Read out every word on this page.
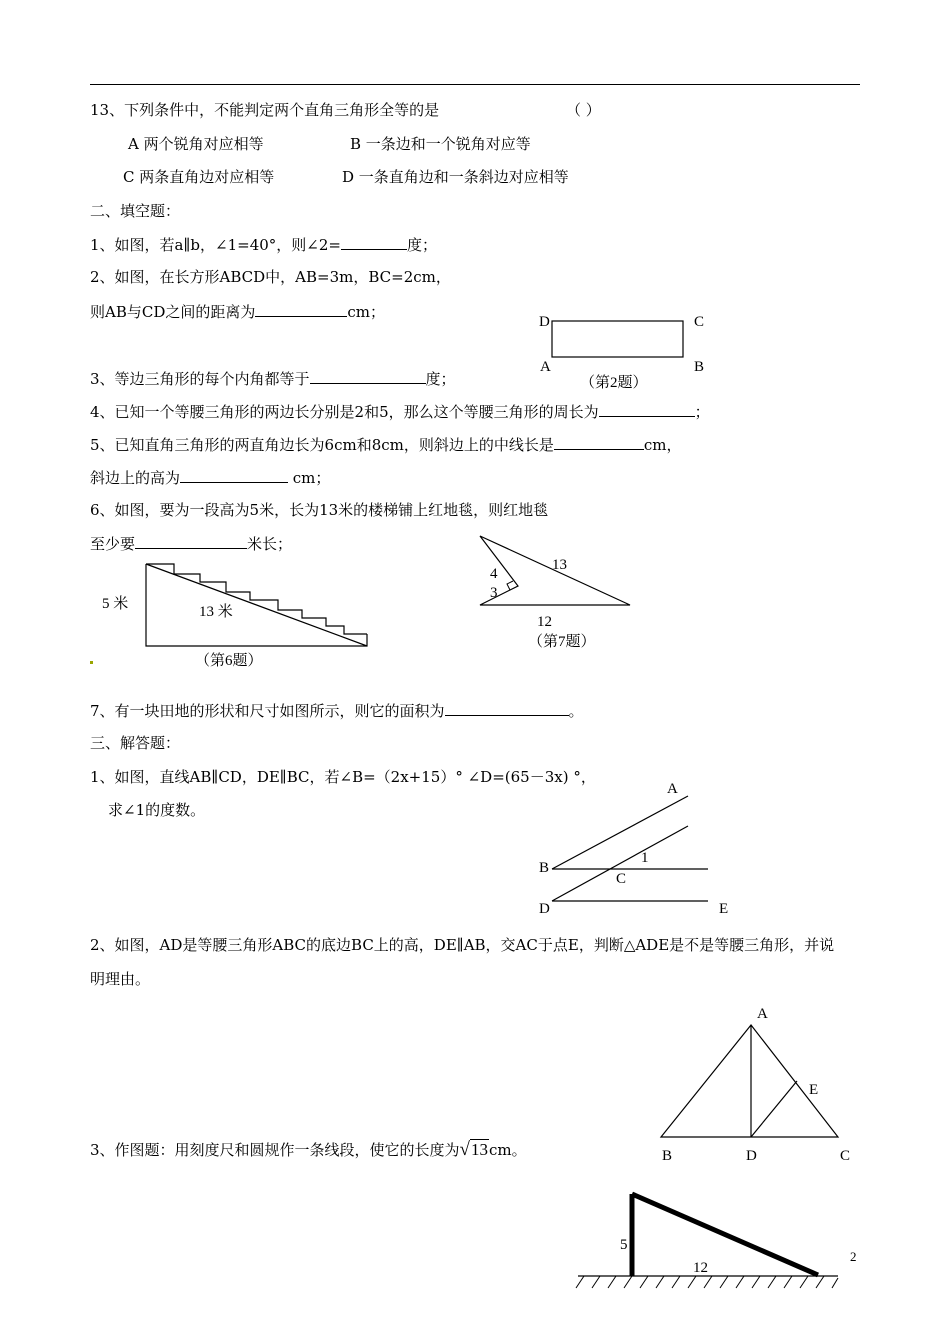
13、下列条件中，不能判定两个直角三角形全等的是	（ ）
A 两个锐角对应相等	B 一条边和一个锐角对应等
C 两条直角边对应相等	D 一条直角边和一条斜边对应相等
二、填空题：
1、如图，若a∥b，∠1=40°，则∠2=	度；
2、如图，在长方形ABCD中，AB=3m，BC=2cm，
则AB与CD之间的距离为	cm；
3、等边三角形的每个内角都等于	度；
4、已知一个等腰三角形的两边长分别是2和5，那么这个等腰三角形的周长为	；
5、已知直角三角形的两直角边长为6cm和8cm，则斜边上的中线长是	cm，
斜边上的高为	cm；
6、如图，要为一段高为5米，长为13米的楼梯铺上红地毯，则红地毯
至少要	米长；
7、有一块田地的形状和尺寸如图所示，则它的面积为	。
三、解答题：
1、如图，直线AB∥CD，DE∥BC，若∠B=（2x+15）° ∠D=(65－3x) °，
求∠1的度数。
2、如图，AD是等腰三角形ABC的底边BC上的高，DE∥AB，交AC于点E，判断△ADE是不是等腰三角形，并说
明理由。
3、作图题：用刻度尺和圆规作一条线段，使它的长度为√13cm。
D	C
A	B
（第2题）
5 米	13 米
（第6题）
4
3
13
12
（第7题）
A
1
B
C
D	E
A
E
B	D	C
5
12
2
